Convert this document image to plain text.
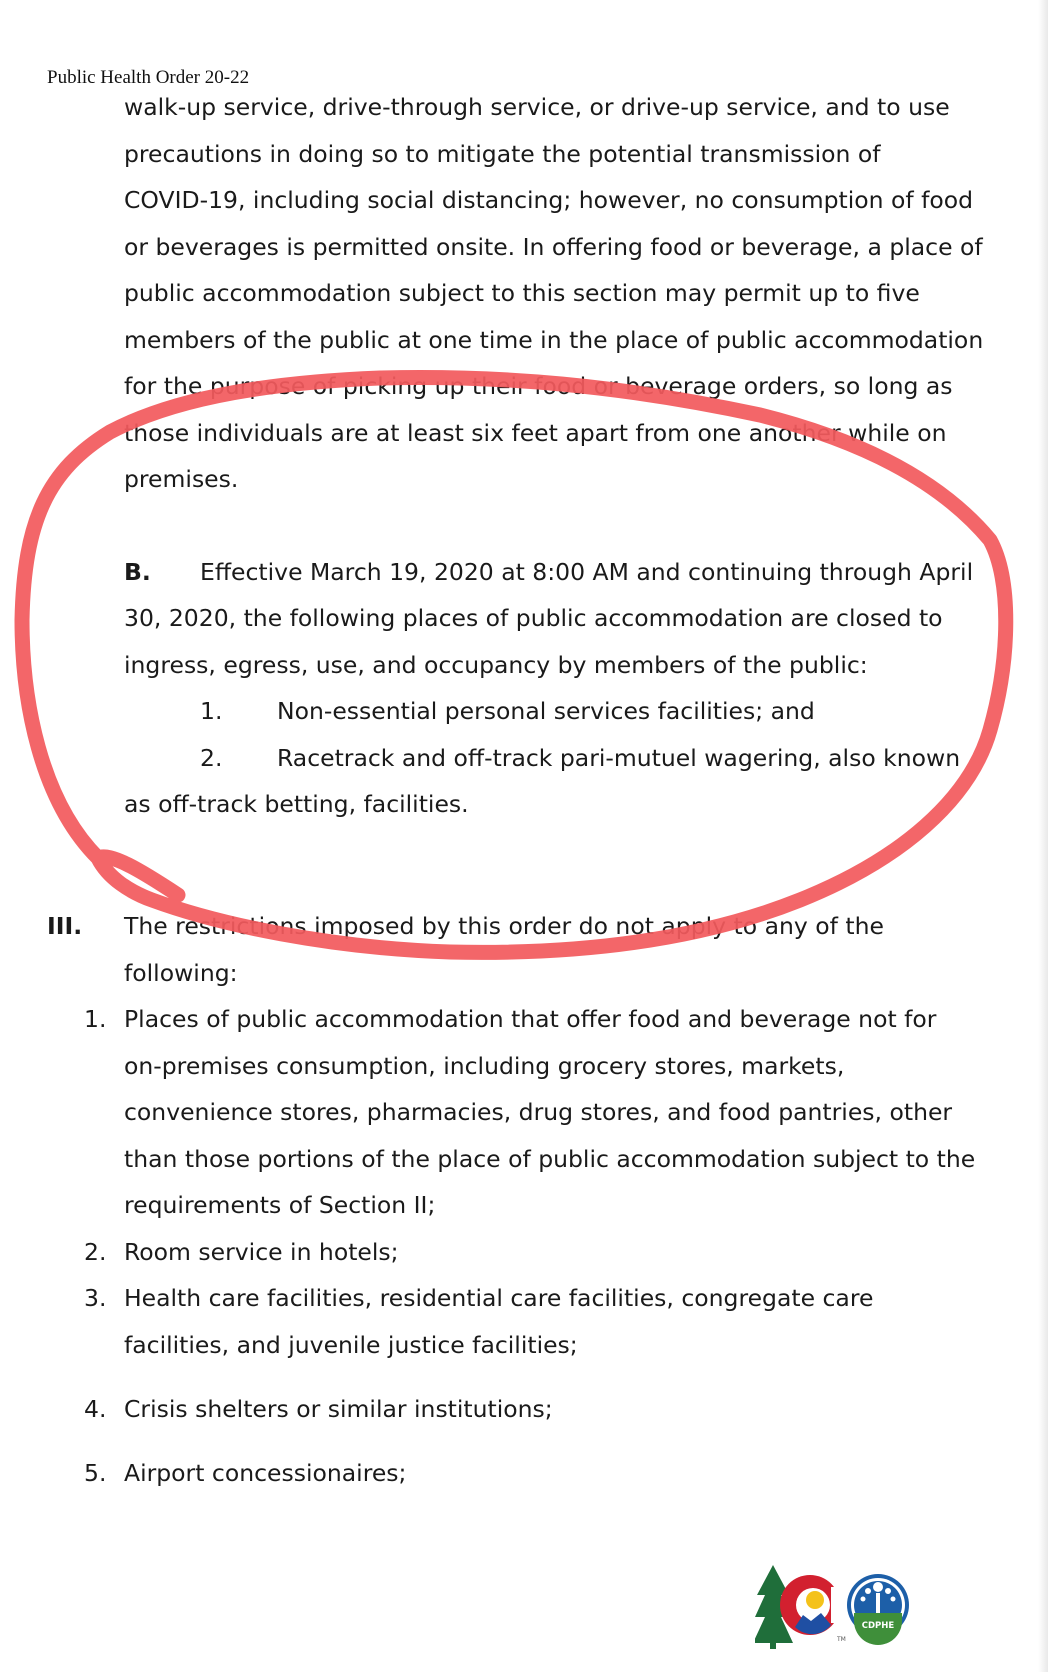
Public Health Order 20-22
walk-up service, drive-through service, or drive-up service, and to use
precautions in doing so to mitigate the potential transmission of
COVID-19, including social distancing; however, no consumption of food
or beverages is permitted onsite. In offering food or beverage, a place of
public accommodation subject to this section may permit up to five
members of the public at one time in the place of public accommodation
for the purpose of picking up their food or beverage orders, so long as
those individuals are at least six feet apart from one another while on
premises.
B. Effective March 19, 2020 at 8:00 AM and continuing through April
30, 2020, the following places of public accommodation are closed to
ingress, egress, use, and occupancy by members of the public:
1. Non-essential personal services facilities; and
2. Racetrack and off-track pari-mutuel wagering, also known
as off-track betting, facilities.
III. The restrictions imposed by this order do not apply to any of the
following:
1. Places of public accommodation that offer food and beverage not for
on-premises consumption, including grocery stores, markets,
convenience stores, pharmacies, drug stores, and food pantries, other
than those portions of the place of public accommodation subject to the
requirements of Section II;
2. Room service in hotels;
3. Health care facilities, residential care facilities, congregate care
facilities, and juvenile justice facilities;
4. Crisis shelters or similar institutions;
5. Airport concessionaires;
TM
CDPHE
